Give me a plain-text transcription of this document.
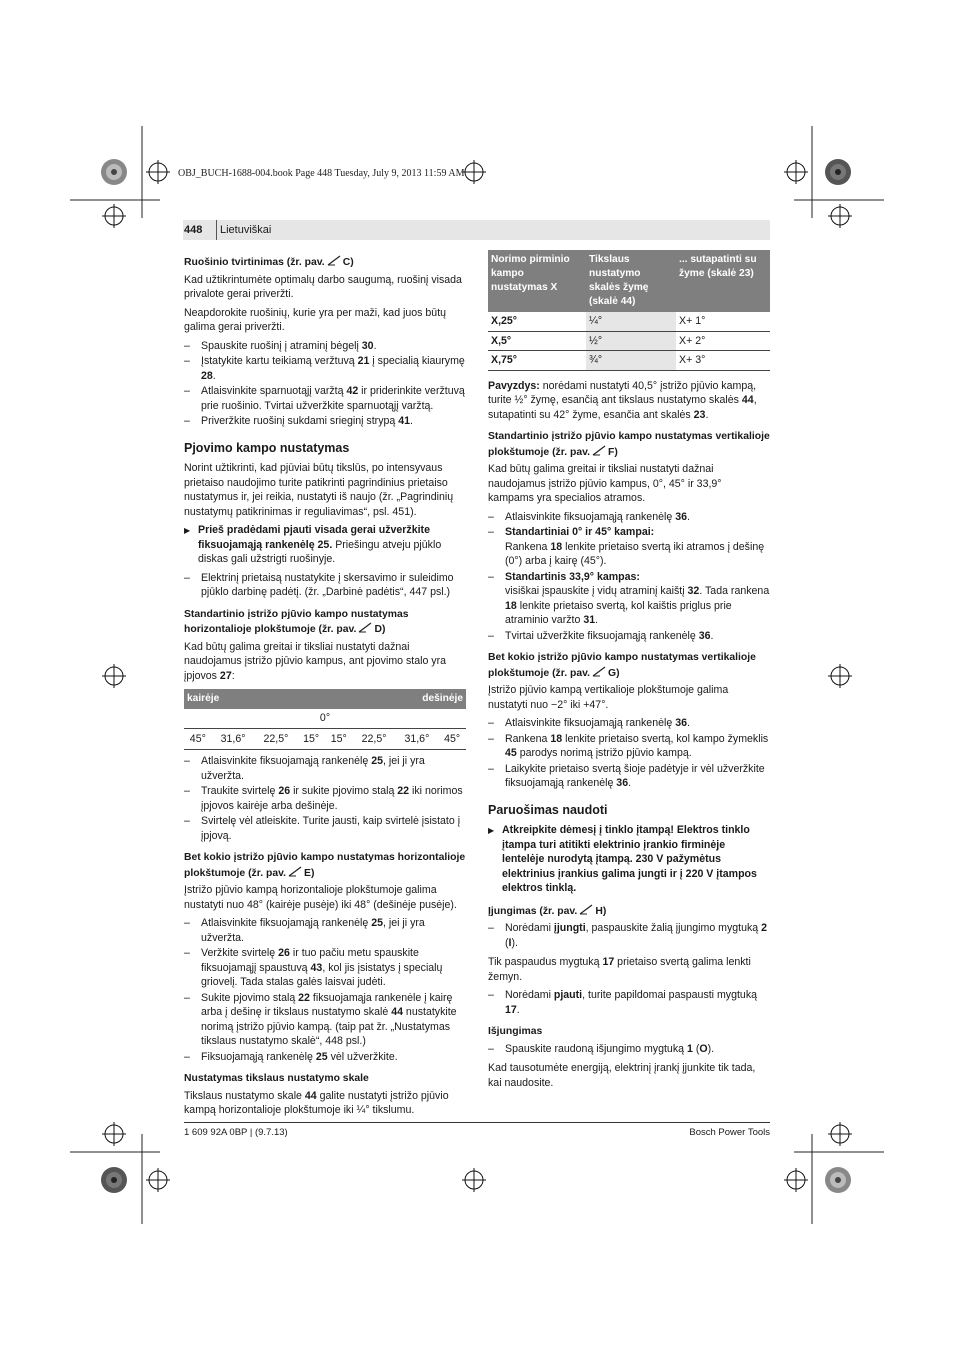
OBJ_BUCH-1688-004.book Page 448 Tuesday, July 9, 2013 11:59 AM
448	Lietuviškai
Ruošinio tvirtinimas (žr. pav. C)

Kad užtikrintumėte optimalų darbo saugumą, ruošinį visada privalote gerai priveržti.

Neapdorokite ruošinių, kurie yra per maži, kad juos būtų galima gerai priveržti.

– Spauskite ruošinį į atraminį bėgelį 30.
– Įstatykite kartu teikiamą veržtuvą 21 į specialią kiaurymę 28.
– Atlaisvinkite sparnuotąjį varžtą 42 ir priderinkite veržtuvą prie ruošinio. Tvirtai užveržkite sparnuotąjį varžtą.
– Priveržkite ruošinį sukdami srieginį strypą 41.
Pjovimo kampo nustatymas

Norint užtikrinti, kad pjūviai būtų tikslūs, po intensyvaus prietaiso naudojimo turite patikrinti pagrindinius prietaiso nustatymus ir, jei reikia, nustatyti iš naujo (žr. „Pagrindinių nustatymų patikrinimas ir reguliavimas“, psl. 451).

▶ Prieš pradėdami pjauti visada gerai užveržkite fiksuojamąją rankenėlę 25. Priešingu atveju pjūklo diskas gali užstrigti ruošinyje.
– Elektrinį prietaisą nustatykite į skersavimo ir suleidimo pjūklo darbinę padėtį. (žr. „Darbinė padėtis“, 447 psl.)
Standartinio įstrižo pjūvio kampo nustatymas horizontalioje plokštumoje (žr. pav. D)

Kad būtų galima greitai ir tiksliai nustatyti dažnai naudojamus įstrižo pjūvio kampus, ant pjovimo stalo yra įpjovos 27:

kairėje				dešinėje			
0°							
45°	31,6°	22,5°	15°	15°	22,5°	31,6°	45°
– Atlaisvinkite fiksuojamąją rankenėlę 25, jei ji yra užveržta.
– Traukite svirtelę 26 ir sukite pjovimo stalą 22 iki norimos įpjovos kairėje arba dešinėje.
– Svirtelę vėl atleiskite. Turite jausti, kaip svirtelė įsistato į įpjovą.
Bet kokio įstrižo pjūvio kampo nustatymas horizontalioje plokštumoje (žr. pav. E)

Įstrižo pjūvio kampą horizontalioje plokštumoje galima nustatyti nuo 48° (kairėje pusėje) iki 48° (dešinėje pusėje).

– Atlaisvinkite fiksuojamąją rankenėlę 25, jei ji yra užveržta.
– Veržkite svirtelę 26 ir tuo pačiu metu spauskite fiksuojamąjį spaustuvą 43, kol jis įsistatys į specialų griovelį. Tada stalas galės laisvai judėti.
– Sukite pjovimo stalą 22 fiksuojamąja rankenėle į kairę arba į dešinę ir tikslaus nustatymo skalė 44 nustatykite norimą įstrižo pjūvio kampą. (taip pat žr. „Nustatymas tikslaus nustatymo skalė“, 448 psl.)
– Fiksuojamąją rankenėlę 25 vėl užveržkite.
Nustatymas tikslaus nustatymo skale

Tikslaus nustatymo skale 44 galite nustatyti įstrižo pjūvio kampą horizontalioje plokštumoje iki ¼° tikslumu.

Norimo pirminio kampo nustatymas X	Tikslaus nustatymo skalės žymę (skalė 44)	... sutapatinti su žyme (skalė 23)
X,25°	¼°	X+ 1°
X,5°	½°	X+ 2°
X,75°	¾°	X+ 3°

Pavyzdys: norėdami nustatyti 40,5° įstrižo pjūvio kampą, turite ½° žymę, esančią ant tikslaus nustatymo skalės 44, sutapatinti su 42° žyme, esančia ant skalės 23.

Standartinio įstrižo pjūvio kampo nustatymas vertikalioje plokštumoje (žr. pav. F)

Kad būtų galima greitai ir tiksliai nustatyti dažnai naudojamus įstrižo pjūvio kampus, 0°, 45° ir 33,9° kampams yra specialios atramos.

– Atlaisvinkite fiksuojamąją rankenėlę 36.
– Standartiniai 0° ir 45° kampai:
Rankena 18 lenkite prietaiso svertą iki atramos į dešinę (0°) arba į kairę (45°).
– Standartinis 33,9° kampas:
visiškai įspauskite į vidų atraminį kaištį 32. Tada rankena 18 lenkite prietaiso svertą, kol kaištis priglus prie atraminio varžto 31.
– Tvirtai užveržkite fiksuojamąją rankenėlę 36.
Bet kokio įstrižo pjūvio kampo nustatymas vertikalioje plokštumoje (žr. pav. G)

Įstrižo pjūvio kampą vertikalioje plokštumoje galima nustatyti nuo −2° iki +47°.

– Atlaisvinkite fiksuojamąją rankenėlę 36.
– Rankena 18 lenkite prietaiso svertą, kol kampo žymeklis 45 parodys norimą įstrižo pjūvio kampą.
– Laikykite prietaiso svertą šioje padėtyje ir vėl užveržkite fiksuojamąją rankenėlę 36.
Paruošimas naudoti
▶ Atkreipkite dėmesį į tinklo įtampą! Elektros tinklo įtampa turi atitikti elektrinio įrankio firminėje lentelėje nurodytą įtampą. 230 V pažymėtus elektrinius įrankius galima jungti ir į 220 V įtampos elektros tinklą.
Įjungimas (žr. pav. H)
– Norėdami įjungti, paspauskite žalią įjungimo mygtuką 2 (I).

Tik paspaudus mygtuką 17 prietaiso svertą galima lenkti žemyn.

– Norėdami pjauti, turite papildomai paspausti mygtuką 17.
Išjungimas
– Spauskite raudoną išjungimo mygtuką 1 (O).

Kad tausotumėte energiją, elektrinį įrankį įjunkite tik tada, kai naudosite.

1 609 92A 0BP | (9.7.13)	Bosch Power Tools
